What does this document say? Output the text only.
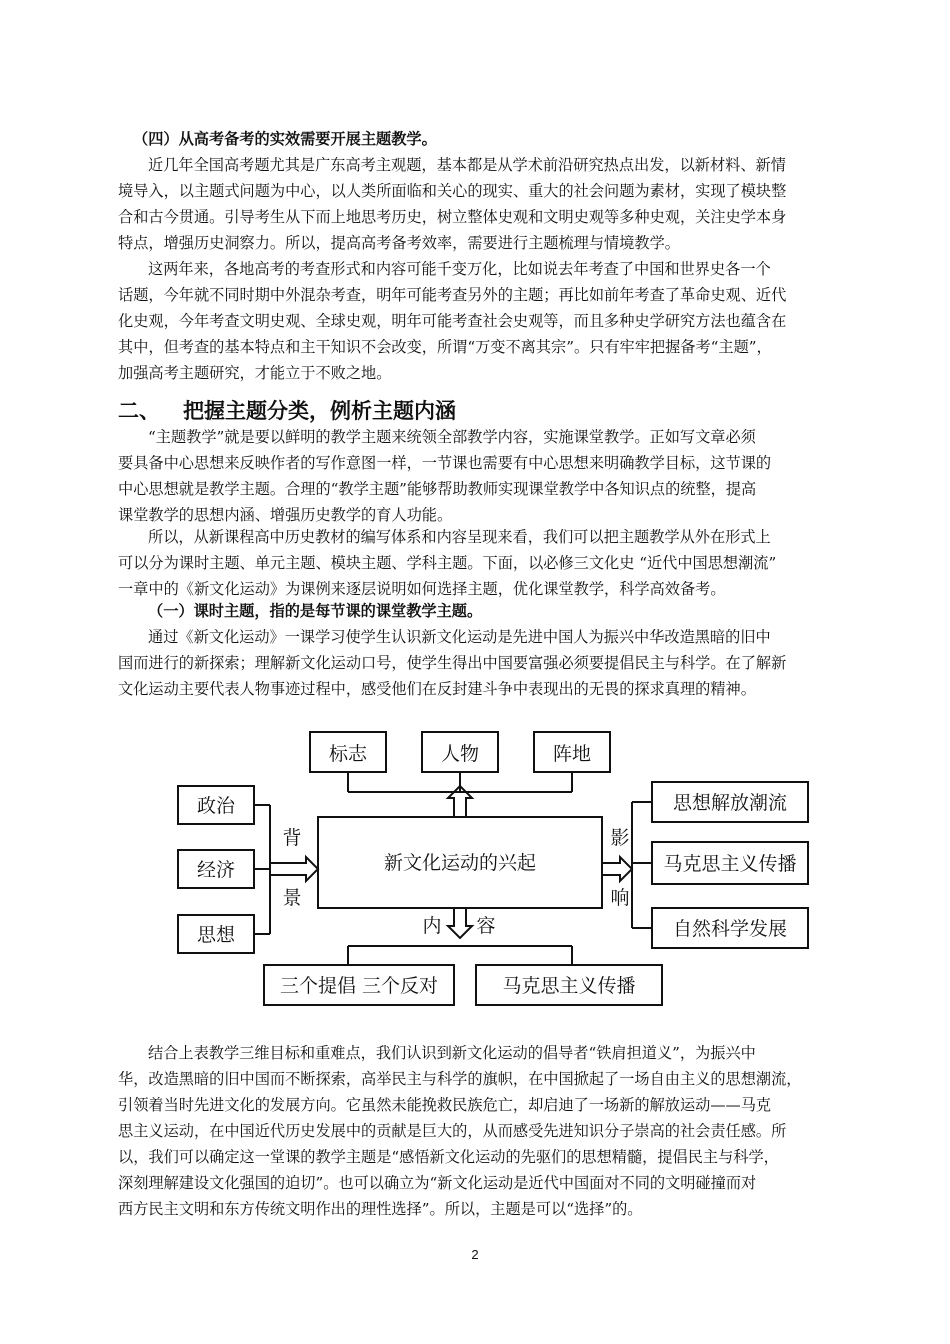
（四）从高考备考的实效需要开展主题教学。
近几年全国高考题尤其是广东高考主观题，基本都是从学术前沿研究热点出发，以新材料、新情
境导入，以主题式问题为中心，以人类所面临和关心的现实、重大的社会问题为素材，实现了模块整
合和古今贯通。引导考生从下而上地思考历史，树立整体史观和文明史观等多种史观，关注史学本身
特点，增强历史洞察力。所以，提高高考备考效率，需要进行主题梳理与情境教学。
这两年来，各地高考的考查形式和内容可能千变万化，比如说去年考查了中国和世界史各一个
话题，今年就不同时期中外混杂考查，明年可能考查另外的主题；再比如前年考查了革命史观、近代
化史观，今年考查文明史观、全球史观，明年可能考查社会史观等，而且多种史学研究方法也蕴含在
其中，但考查的基本特点和主干知识不会改变，所谓“万变不离其宗”。只有牢牢把握备考“主题”，
加强高考主题研究，才能立于不败之地。
二、 把握主题分类，例析主题内涵
“主题教学”就是要以鲜明的教学主题来统领全部教学内容，实施课堂教学。正如写文章必须
要具备中心思想来反映作者的写作意图一样，一节课也需要有中心思想来明确教学目标，这节课的
中心思想就是教学主题。合理的“教学主题”能够帮助教师实现课堂教学中各知识点的统整，提高
课堂教学的思想内涵、增强历史教学的育人功能。
所以，从新课程高中历史教材的编写体系和内容呈现来看，我们可以把主题教学从外在形式上
可以分为课时主题、单元主题、模块主题、学科主题。下面，以必修三文化史 “近代中国思想潮流”
一章中的《新文化运动》为课例来逐层说明如何选择主题，优化课堂教学，科学高效备考。
（一）课时主题，指的是每节课的课堂教学主题。
通过《新文化运动》一课学习使学生认识新文化运动是先进中国人为振兴中华改造黑暗的旧中
国而进行的新探索；理解新文化运动口号，使学生得出中国要富强必须要提倡民主与科学。在了解新
文化运动主要代表人物事迹过程中，感受他们在反封建斗争中表现出的无畏的探求真理的精神。
新文化运动的兴起
标志	人物	阵地
政治
经济
思想
背
景
影
响
思想解放潮流
马克思主义传播
自然科学发展
内 容
三个提倡 三个反对	马克思主义传播
结合上表教学三维目标和重难点，我们认识到新文化运动的倡导者“铁肩担道义”，为振兴中
华，改造黑暗的旧中国而不断探索，高举民主与科学的旗帜，在中国掀起了一场自由主义的思想潮流，
引领着当时先进文化的发展方向。它虽然未能挽救民族危亡，却启迪了一场新的解放运动——马克
思主义运动，在中国近代历史发展中的贡献是巨大的，从而感受先进知识分子崇高的社会责任感。所
以，我们可以确定这一堂课的教学主题是“感悟新文化运动的先驱们的思想精髓，提倡民主与科学，
深刻理解建设文化强国的迫切”。也可以确立为“新文化运动是近代中国面对不同的文明碰撞而对
西方民主文明和东方传统文明作出的理性选择”。所以，主题是可以“选择”的。
2
